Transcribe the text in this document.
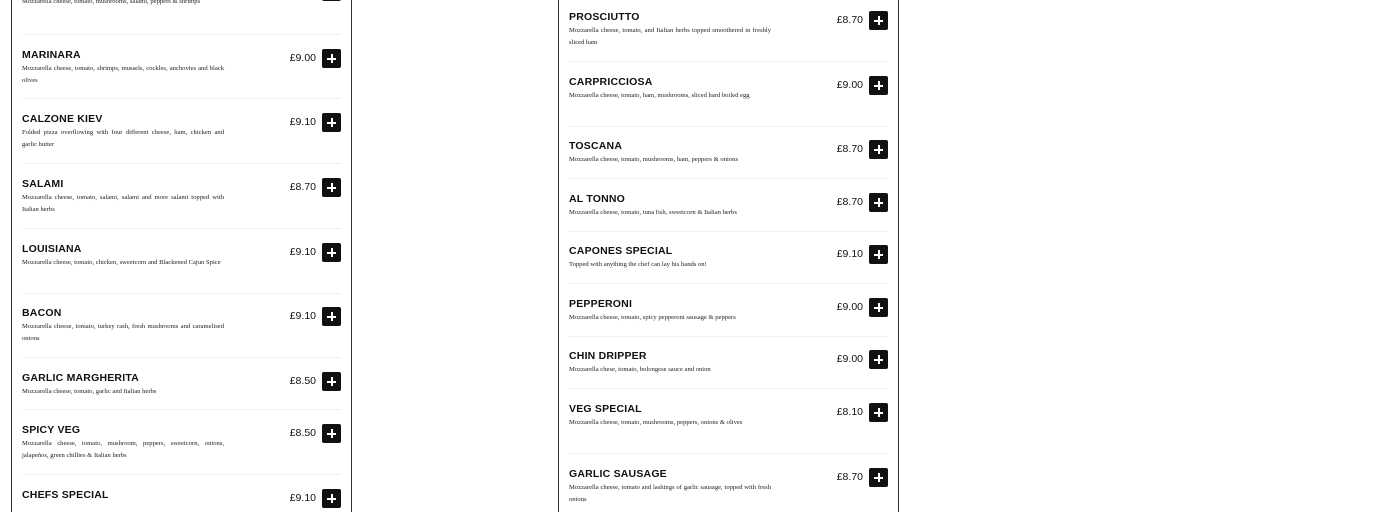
Mozzarella cheese, tomato, mushrooms, salami, peppers & shrimps
MARINARA
Mozzarella cheese, tomato, shrimps, mussels, cockles, anchovies and black olives
£9.00
CALZONE KIEV
Folded pizza overflowing with four different cheese, ham, chicken and garlic butter
£9.10
SALAMI
Mozzarella cheese, tomato, salami, salami and more salami topped with Italian herbs
£8.70
LOUISIANA
Mozzarella cheese, tomato, chicken, sweetcorn and Blackened Cajun Spice
£9.10
BACON
Mozzarella cheese, tomato, turkey rash, fresh mushrooms and caramelised onions
£9.10
GARLIC MARGHERITA
Mozzarella cheese, tomato, garlic and Italian herbs
£8.50
SPICY VEG
Mozzarella cheese, tomato, mushroom, peppers, sweetcorn, onions, jalapeños, green chillies & Italian herbs
£8.50
CHEFS SPECIAL	£9.10
PROSCIUTTO
Mozzarella cheese, tomato, and Italian herbs topped smoothered in freshly sliced ham
£8.70
CARPRICCIOSA
Mozzarella cheese, tomato, ham, mushrooms, sliced hard boiled egg
£9.00
TOSCANA
Mozzarella cheese, tomato, mushrooms, ham, peppers & onions
£8.70
AL TONNO
Mozzarella cheese, tomato, tuna fish, sweetcorn & Italian herbs
£8.70
CAPONES SPECIAL
Topped with anything the chef can lay his hands on!
£9.10
PEPPERONI
Mozzarella cheese, tomato, spicy pepperoni sausage & peppers
£9.00
CHIN DRIPPER
Mozzarella chese, tomato, bolongese sauce and onion
£9.00
VEG SPECIAL
Mozzarella cheese, tomato, mushrooms, peppers, onions & olives
£8.10
GARLIC SAUSAGE
Mozzarella cheese, tomato and lashings of garlic sausage, topped with fresh onions
£8.70
